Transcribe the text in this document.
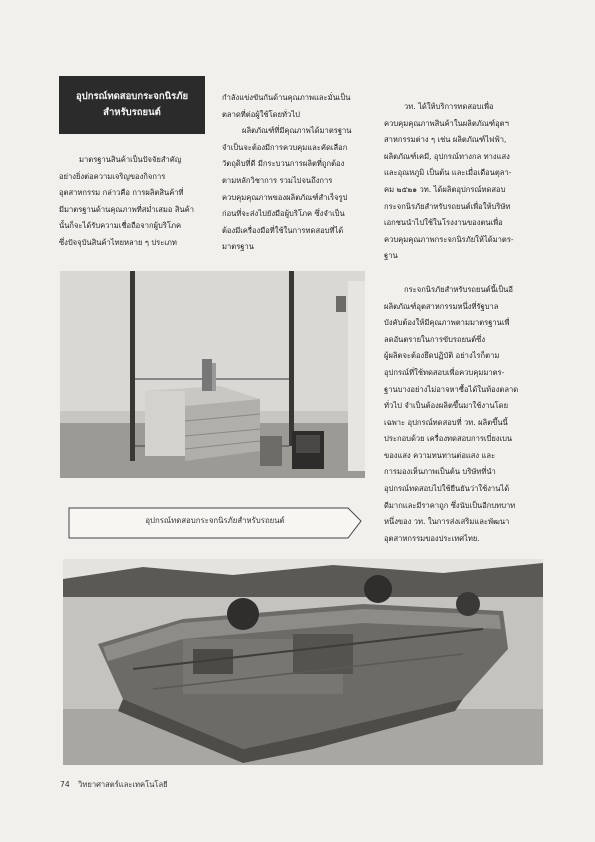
อุปกรณ์ทดสอบกระจกนิรภัย
สำหรับรถยนต์

มาตรฐานสินค้าเป็นปัจจัยสำคัญ

อย่างยิ่งต่อความเจริญของกิจการ

อุตสาหกรรม กล่าวคือ การผลิตสินค้าที่

มีมาตรฐานด้านคุณภาพที่สม่ำเสมอ สินค้า

นั้นก็จะได้รับความเชื่อถือจากผู้บริโภค

ซึ่งปัจจุบันสินค้าไทยหลาย ๆ ประเภท

กำลังแข่งขันกันด้านคุณภาพและมั่นเป็น

ตลาดที่ต่อผู้ใช้โดยทั่วไป

ผลิตภัณฑ์ที่มีคุณภาพได้มาตรฐาน

จำเป็นจะต้องมีการควบคุมและคัดเลือก

วัตถุดิบที่ดี มีกระบวนการผลิตที่ถูกต้อง

ตามหลักวิชาการ รวมไปจนถึงการ

ควบคุมคุณภาพของผลิตภัณฑ์สำเร็จรูป

ก่อนที่จะส่งไปยังมือผู้บริโภค ซึ่งจำเป็น

ต้องมีเครื่องมือที่ใช้ในการทดสอบที่ได้

มาตรฐาน

วท. ได้ให้บริการทดสอบเพื่อ

ควบคุมคุณภาพสินค้าในผลิตภัณฑ์อุตฯ

สาหกรรมต่าง ๆ เช่น ผลิตภัณฑ์ไฟฟ้า,

ผลิตภัณฑ์เคมี, อุปกรณ์ทางกล ทางแสง

และอุณหภูมิ เป็นต้น และเมื่อเดือนตุลา-

คม ๒๕๒๑ วท. ได้ผลิตอุปกรณ์ทดสอบ

กระจกนิรภัยสำหรับรถยนต์เพื่อให้บริษัท

เอกชนนำไปใช้ในโรงงานของตนเพื่อ

ควบคุมคุณภาพกระจกนิรภัยให้ได้มาตร-

ฐาน

กระจกนิรภัยสำหรับรถยนต์นี้เป็นอี

ผลิตภัณฑ์อุตสาหกรรมหนึ่งที่รัฐบาล

บังคับต้องให้มีคุณภาพตามมาตรฐานเพื่

ลดอันตรายในการขับรถยนต์ซึ่ง

ผู้ผลิตจะต้องยึดปฏิบัติ อย่างไรก็ตาม

อุปกรณ์ที่ใช้ทดสอบเพื่อควบคุมมาตร-

ฐานบางอย่างไม่อาจหาซื้อได้ในท้องตลาด

ทั่วไป จำเป็นต้องผลิตขึ้นมาใช้งานโดย

เฉพาะ อุปกรณ์ทดสอบที่ วท. ผลิตขึ้นนี้

ประกอบด้วย เครื่องทดสอบการเบี่ยงเบน

ของแสง ความทนทานต่อแสง และ

การมองเห็นภาพเป็นต้น บริษัทที่นำ

อุปกรณ์ทดสอบไปใช้ยืนยันว่าใช้งานได้

ดีมากและมีราคาถูก ซึ่งนับเป็นอีกบทบาท

หนึ่งของ วท. ในการส่งเสริมและพัฒนา

อุตสาหกรรมของประเทศไทย.

อุปกรณ์ทดสอบกระจกนิรภัยสำหรับรถยนต์
74 วิทยาศาสตร์และเทคโนโลยี
